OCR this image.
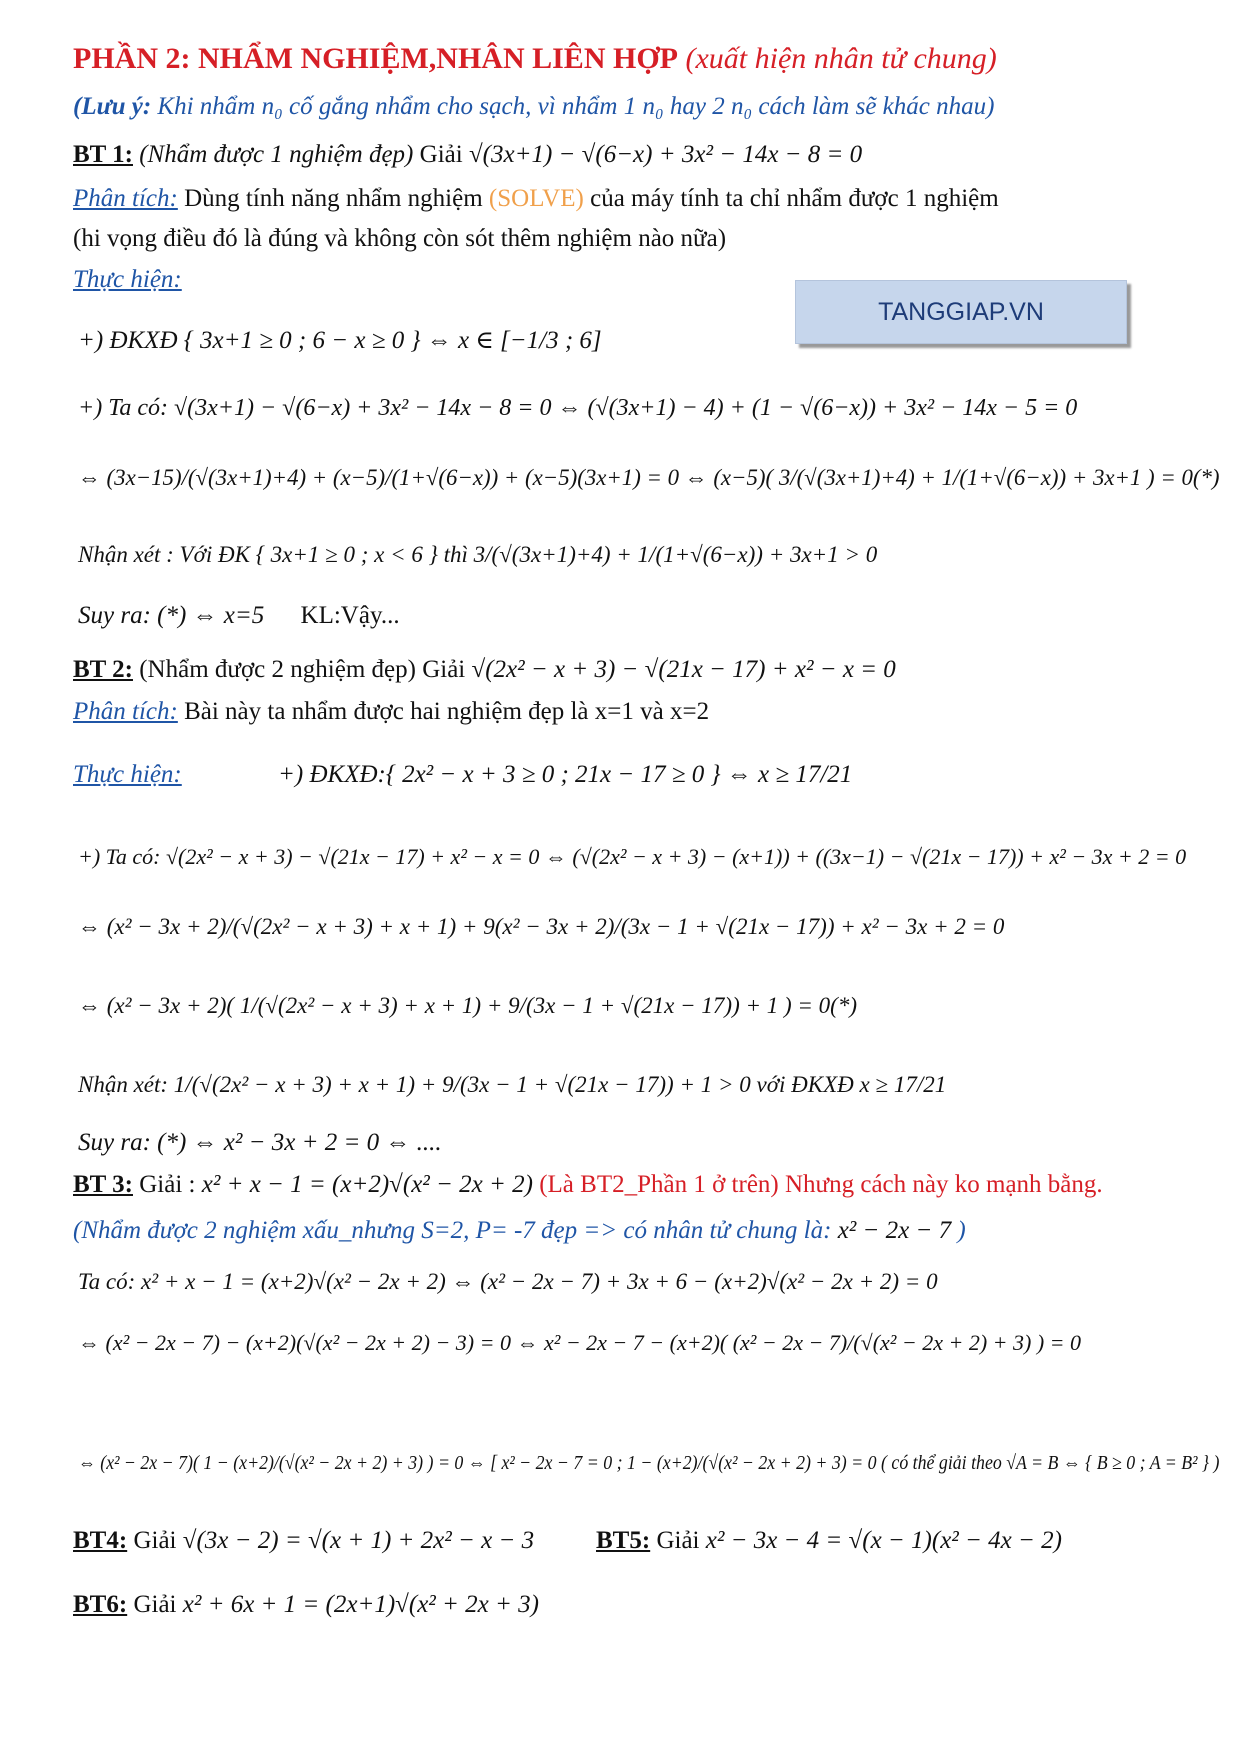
PHẦN 2: NHẨM NGHIỆM,NHÂN LIÊN HỢP (xuất hiện nhân tử chung)
(Lưu ý: Khi nhẩm n₀ cố gắng nhẩm cho sạch, vì nhẩm 1 n₀ hay 2 n₀ cách làm sẽ khác nhau)
BT 1: (Nhẩm được 1 nghiệm đẹp) Giải √(3x+1) − √(6−x) + 3x² − 14x − 8 = 0
Phân tích: Dùng tính năng nhẩm nghiệm (SOLVE) của máy tính ta chỉ nhẩm được 1 nghiệm
(hi vọng điều đó là đúng và không còn sót thêm nghiệm nào nữa)
Thực hiện:
TANGGIAP.VN
+) ĐKXĐ { 3x+1 ≥ 0 ; 6 − x ≥ 0 } ⇔ x ∈ [−1/3 ; 6]
+) Ta có: √(3x+1) − √(6−x) + 3x² − 14x − 8 = 0 ⇔ (√(3x+1) − 4) + (1 − √(6−x)) + 3x² − 14x − 5 = 0
⇔ (3x−15)/(√(3x+1)+4) + (x−5)/(1+√(6−x)) + (x−5)(3x+1) = 0 ⇔ (x−5)( 3/(√(3x+1)+4) + 1/(1+√(6−x)) + 3x+1 ) = 0(*)
Nhận xét : Với ĐK { 3x+1 ≥ 0 ; x < 6 } thì 3/(√(3x+1)+4) + 1/(1+√(6−x)) + 3x+1 > 0
Suy ra: (*) ⇔ x=5 KL:Vậy...
BT 2: (Nhẩm được 2 nghiệm đẹp) Giải √(2x² − x + 3) − √(21x − 17) + x² − x = 0
Phân tích: Bài này ta nhẩm được hai nghiệm đẹp là x=1 và x=2
Thực hiện:	+) ĐKXĐ:{ 2x² − x + 3 ≥ 0 ; 21x − 17 ≥ 0 } ⇔ x ≥ 17/21
+) Ta có: √(2x² − x + 3) − √(21x − 17) + x² − x = 0 ⇔ (√(2x² − x + 3) − (x+1)) + ((3x−1) − √(21x − 17)) + x² − 3x + 2 = 0
⇔ (x² − 3x + 2)/(√(2x² − x + 3) + x + 1) + 9(x² − 3x + 2)/(3x − 1 + √(21x − 17)) + x² − 3x + 2 = 0
⇔ (x² − 3x + 2)( 1/(√(2x² − x + 3) + x + 1) + 9/(3x − 1 + √(21x − 17)) + 1 ) = 0(*)
Nhận xét: 1/(√(2x² − x + 3) + x + 1) + 9/(3x − 1 + √(21x − 17)) + 1 > 0 với ĐKXĐ x ≥ 17/21
Suy ra: (*) ⇔ x² − 3x + 2 = 0 ⇔ ....
BT 3: Giải : x² + x − 1 = (x+2)√(x² − 2x + 2) (Là BT2_Phần 1 ở trên) Nhưng cách này ko mạnh bằng.
(Nhẩm được 2 nghiệm xấu_nhưng S=2, P= -7 đẹp => có nhân tử chung là: x² − 2x − 7 )
Ta có: x² + x − 1 = (x+2)√(x² − 2x + 2) ⇔ (x² − 2x − 7) + 3x + 6 − (x+2)√(x² − 2x + 2) = 0
⇔ (x² − 2x − 7) − (x+2)(√(x² − 2x + 2) − 3) = 0 ⇔ x² − 2x − 7 − (x+2)( (x² − 2x − 7)/(√(x² − 2x + 2) + 3) ) = 0
⇔ (x² − 2x − 7)( 1 − (x+2)/(√(x² − 2x + 2) + 3) ) = 0 ⇔ [ x² − 2x − 7 = 0 ; 1 − (x+2)/(√(x² − 2x + 2) + 3) = 0 ( có thể giải theo √A = B ⇔ { B ≥ 0 ; A = B² } )
BT4: Giải √(3x − 2) = √(x + 1) + 2x² − x − 3 BT5: Giải x² − 3x − 4 = √(x − 1)(x² − 4x − 2)
BT6: Giải x² + 6x + 1 = (2x+1)√(x² + 2x + 3)
